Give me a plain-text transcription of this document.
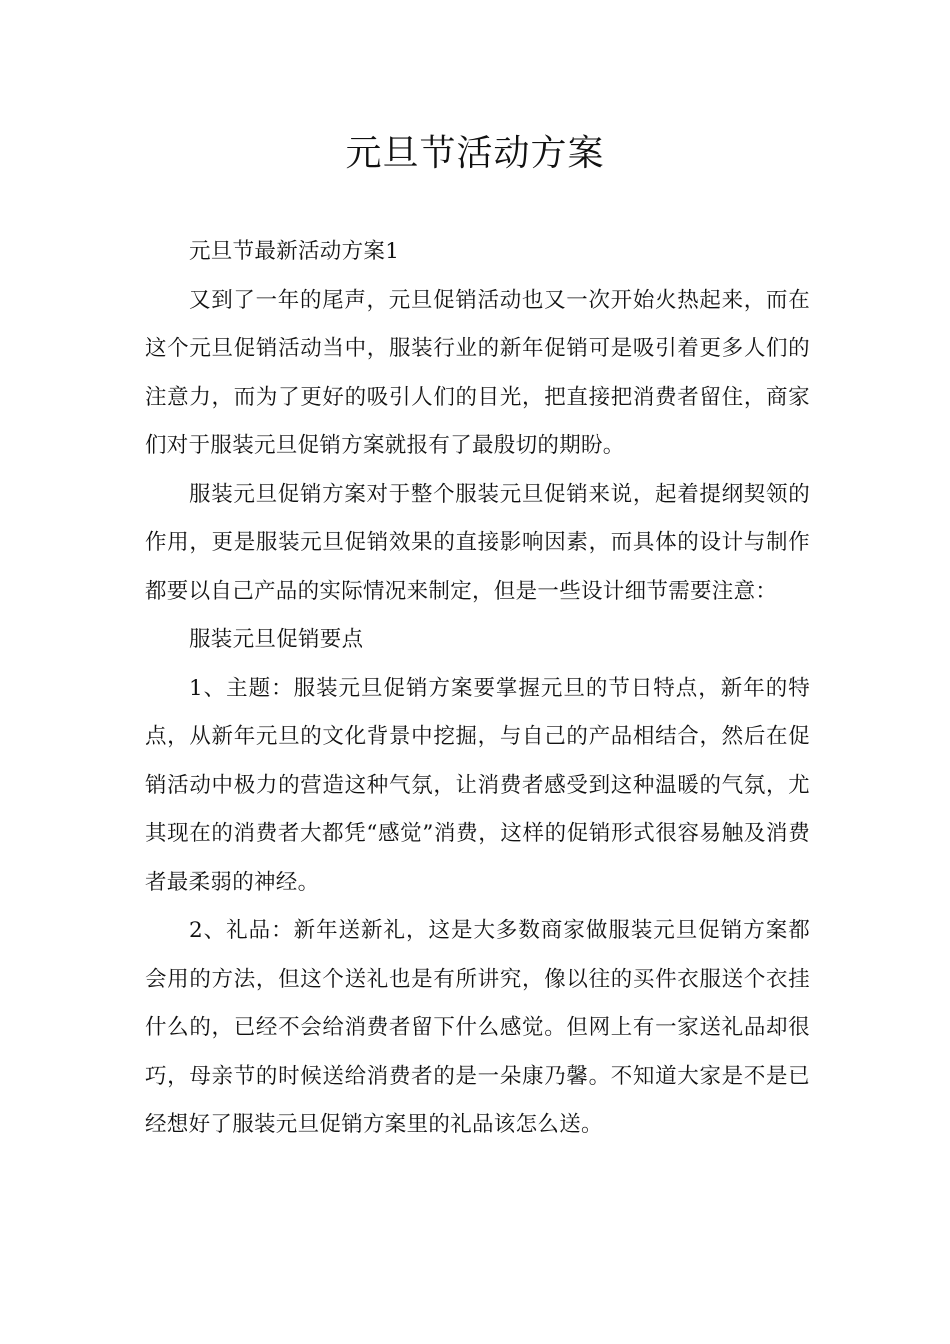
元旦节活动方案

元旦节最新活动方案1

又到了一年的尾声，元旦促销活动也又一次开始火热起来，而在这个元旦促销活动当中，服装行业的新年促销可是吸引着更多人们的注意力，而为了更好的吸引人们的目光，把直接把消费者留住，商家们对于服装元旦促销方案就报有了最殷切的期盼。

服装元旦促销方案对于整个服装元旦促销来说，起着提纲契领的作用，更是服装元旦促销效果的直接影响因素，而具体的设计与制作都要以自己产品的实际情况来制定，但是一些设计细节需要注意：

服装元旦促销要点

1、主题：服装元旦促销方案要掌握元旦的节日特点，新年的特点，从新年元旦的文化背景中挖掘，与自己的产品相结合，然后在促销活动中极力的营造这种气氛，让消费者感受到这种温暖的气氛，尤其现在的消费者大都凭“感觉”消费，这样的促销形式很容易触及消费者最柔弱的神经。

2、礼品：新年送新礼，这是大多数商家做服装元旦促销方案都会用的方法，但这个送礼也是有所讲究，像以往的买件衣服送个衣挂什么的，已经不会给消费者留下什么感觉。但网上有一家送礼品却很巧，母亲节的时候送给消费者的是一朵康乃馨。不知道大家是不是已经想好了服装元旦促销方案里的礼品该怎么送。
